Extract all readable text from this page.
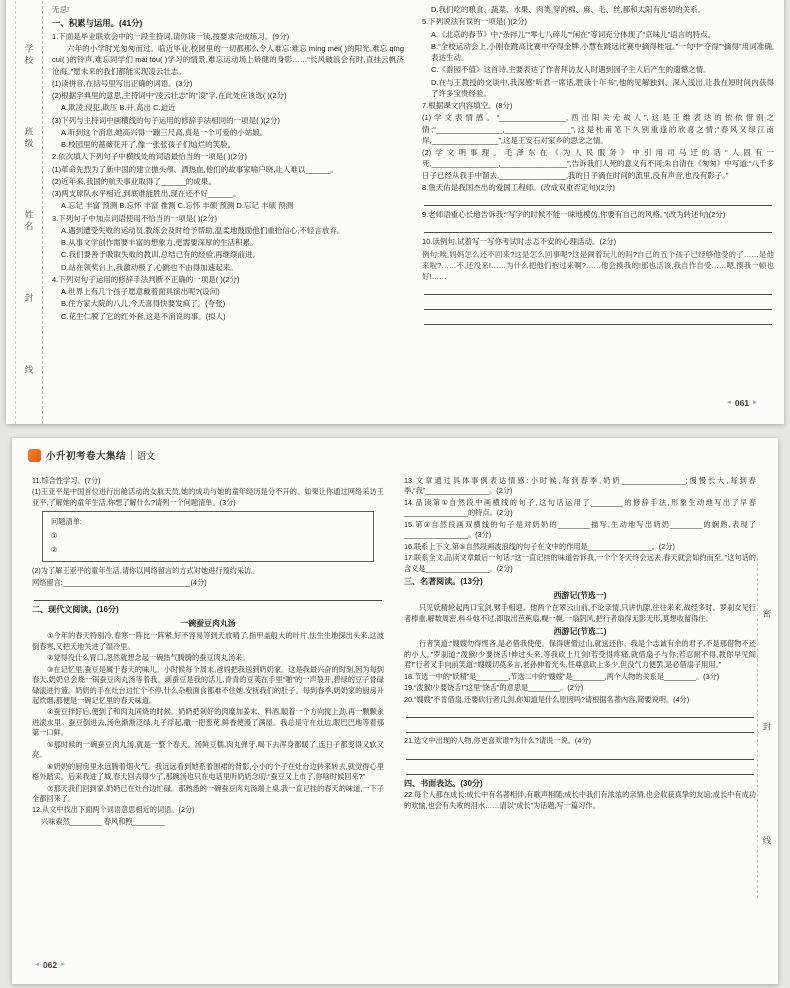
学校
班级
姓名
封
线
无忌!
一、积累与运用。(41分)
1.下面是毕业联欢会中的一段主持词,请你读一读,按要求完成练习。(9分)
六年的小学时光匆匆而过。临近毕业,校园里的一切都那么令人难忘:难忘 míng mèi( )的阳光,难忘 qīng cuì( )的铃声,难忘同学们 mái tóu( )学习的情景,难忘运动场上矫健的身影……“长风破浪会有时,直挂云帆济沧海。”愿未来的我们都能实现凌云壮志。
(1)读拼音,在括号里写出正确的词语。(3分)
(2)根据字典里的意思,主持词中“凌云壮志”的“凌”字,在此处应该选( )(2分)
A.欺凌;侵犯,欺压 B.升,高出 C.迫近
(3)下列与主持词中画横线的句子运用的修辞手法相同的一项是( )(2分)
A.听到这个消息,她高兴得一蹦三尺高,真是一个可爱的小姑娘。
B.校园里的蔷薇花开了,像一张张孩子们灿烂的笑脸。
2.依次填入下列句子中横线处的词语最恰当的一项是( )(2分)
(1)革命先烈为了新中国的建立抛头颅、洒热血,他们的故事家喻户晓,让人难以______。
(2)近年来,我国的航天事业取得了______的成果。
(3)两支球队水平相近,到底谁能胜出,现在还不好______。
A.忘记 丰富 预测 B.忘怀 丰富 推测 C.忘怀 丰硕 预测 D.忘记 丰硕 预测
3.下列句子中加点词语使用不恰当的一项是( )(2分)
A.遇到遭受失败的运动员,教练会及时给予帮助,温柔地鼓励他们重拾信心,不轻言放弃。
B.从事文学创作需要丰富的想象力,更需要深厚的生活积累。
C.我们要善于吸取失败的教训,总结已有的经验,再继续前进。
D.站在领奖台上,我激动极了,心跳也不由得加速起来。
4.下列对句子运用的修辞手法判断不正确的一项是( )(2分)
A.世界上有几个孩子愿意戴着面具演出呢?(设问)
B.住方家大院的八儿,今天喜得快要发疯了。(夸张)
C.花生仁脱了它的红外套,这是不消说的事。(拟人)
D.我们吃的粮食、蔬菜、水果、肉类,穿的棉、麻、毛、丝,都和太阳有密切的关系。
5.下列说法有误的一项是( )(2分)
A.《北京的春节》中,“杂拌儿”“零七八碎儿”“闲在”等词充分体现了“京味儿”语言的特点。
B.“全校运动会上,小刚在跳高比赛中夺得金牌,小慧在跳远比赛中摘得桂冠。”一句中“夺得”“摘得”用词准确,表达生动。
C.《游园不值》这首诗,主要表达了作者拜访友人时遇到园子主人后产生的遗憾之情。
D.在与王教授的交谈中,我深感“听君一席话,胜读十年书”,他的见解独到、深入浅出,让我在短时间内获得了许多宝贵经验。
7.根据课文内容填空。(8分)
(1)学文表情感。“________________,西出阳关无故人”,这是王维表达的依依惜别之情;“________________,________________”,这是杜甫笔下久别重逢的欣喜之情;“春风又绿江南岸,________________”,这是王安石对家乡的思念之情。
(2)学文明事理。毛泽东在《为人民服务》中引用司马迁的话“人固有一死,________________,________________”,告诉我们人死的意义有不同;朱自清在《匆匆》中写道:“八千多日子已经从我手中溜去,________________,我的日子滴在时间的流里,没有声音,也没有影子。”
8.詹天佑是我国杰出的爱国工程师。(改成双重否定句)(2分)
9.老师语重心长地告诉我:“写字的时候不能一味地模仿,你要有自己的风格。”(改为转述句)(2分)
10.读例句,试着写一写你考试时忐忑不安的心理活动。(2分)
例句:唉,妈妈怎么还不回来?这是怎么回事呢?这是闹着玩儿的吗?自己的五个孩子已经够他受的了……是他来啦?……不,还没来!……为什么把他们抱过来啊?……他会揍我的!那也活该,我自作自受……嗯,揍我一顿也好!……
◄ 061 ►
小升初考卷大集结 语文
11.综合性学习。(7分)
(1)王亚平是中国首位进行出舱活动的女航天员,她的成功与她的童年经历是分不开的。如果让你通过网络采访王亚平,了解她的童年生活,你想了解什么?请列一个问题清单。(3分)
问题清单:
①
②
(2)为了解王亚平的童年生活,请你以网络留言的方式对她进行预约采访。
网络留言:________________________________(4分)
二、现代文阅读。(16分)
一碗蚕豆肉丸汤
①今年的春天特别冷,春寒一阵比一阵紧,好不容易等到天放晴了,指甲盖般大的叶片,怯生生地探出头来,这波倒春寒,又把天地关进了湿冷里。
②觉得没什么胃口,忽然就想念起一碗热气腾腾的蚕豆肉丸汤来。
③在记忆里,蚕豆是属于春天的味儿。小时候每个周末,爸妈把我送到奶奶家。这是我最兴奋的时刻,因为每到春天,奶奶总会烧一锅蚕豆肉丸汤等着我。剥蚕豆是我的活儿,青青的豆荚在手里“啪”的一声裂开,碧绿的豆子骨碌碌滚进竹篮。奶奶的手在灶台边忙个不停,什么杂粮面食都难不住她,安抚我们的肚子。每到春季,奶奶家的厨房升起炊烟,那便是一碗记忆里的春天味道。
④蚕豆拌好后,便到了和肉丸同烧的时候。奶奶把剁好的肉糜加姜末、料酒,顺着一个方向搅上劲,再一颗颗汆进滚水里。蚕豆倒进去,汤色渐渐泛绿,丸子浮起,撒一把葱花,鲜香便漫了满屋。我总是守在灶边,眼巴巴地等着那第一口鲜。
⑤那时候的一碗蚕豆肉丸汤,就是一整个春天。汤鲜豆糯,肉丸弹牙,喝下去浑身都暖了,连日子都变得又软又亮。
⑥奶奶的厨房里永远腾着烟火气。我远远看到她系着围裙的背影,小小的个子在灶台边转来转去,就觉得心里格外踏实。后来我进了城,春天回去得少了,那碗汤也只在电话里听奶奶念叨:“蚕豆又上市了,你啥时候回来?”
⑦那天我们回到家,奶奶已在灶台边忙碌。那熟悉的一碗蚕豆肉丸汤端上桌,我一直记挂的春天的味道,一下子全都回来了。
12.从文中找出下面两个词语意思相近的词语。(2分)
兴味索然________ 春风和煦________
13.文章通过具体事例表达情感:小时候,每到春季,奶奶________________;慢慢长大,每到春季,“我”________________。(2分)
14.品读第①自然段中画横线的句子,这句话运用了________的修辞手法,形象生动地写出了早春________________的特点。(2分)
15.第③自然段画双横线的句子是对奶奶的________描写,生动地写出奶奶________的娴熟,表现了________________。(3分)
16.联系上下文,第⑤自然段画波浪线的句子在文中的作用是________________。(2分)
17.联系全文,品读文章最后一句话:“这一直记挂的味道告诉我,一个个冬天终会远去,春天就会如约而至。”这句话的含义是________________。(2分)
三、名著阅读。(13分)
西游记(节选一)
只见妖精轮起两口宝剑,劈手相迎。他两个在翠云山前,不论亲情,只讲仇隙,往往来来,战经多时。罗刹女见行者棒重,解数周密,料斗他不过,即取出芭蕉扇,幌一幌,一扇阴风,把行者扇得无影无形,莫想收留得住。
西游记(节选二)
行者笑道:“嫂嫂勿得悭吝,是必借我使使。保得唐僧过山,就送还你。我是个志诚有余的君子,不是那借物不还的小人。”罗刹道:“泼猴!少要饶舌!伸过头来,等我砍上几剑!若受得疼痛,就借扇子与你;若忍耐不得,教你早见阎君!”行者叉手向前笑道:“嫂嫂切莫多言,老孙伸着光头,任尊意砍上多少,但没气力便罢,是必借扇子用用。”
18.节选一中的“妖精”是________,节选二中的“嫂嫂”是________,两个人物的关系是________。(3分)
19.“泼猴!少要饶舌!”这里“饶舌”的意思是________。(2分)
20.“嫂嫂”不肯借扇,还要砍行者几剑,你知道是什么原因吗?请根据名著内容,简要说明。(4分)
21.选文中出现的人物,你更喜欢谁?为什么?请说一说。(4分)
四、书面表达。(30分)
22.每个人都在成长:成长中有名著相伴,有歌声相随;成长中我们有浓浓的亲情,也会收获真挚的友谊;成长中有成功的欢愉,也会有失败的泪水……请以“成长”为话题,写一篇习作。
密
封
线
◄ 062 ►
